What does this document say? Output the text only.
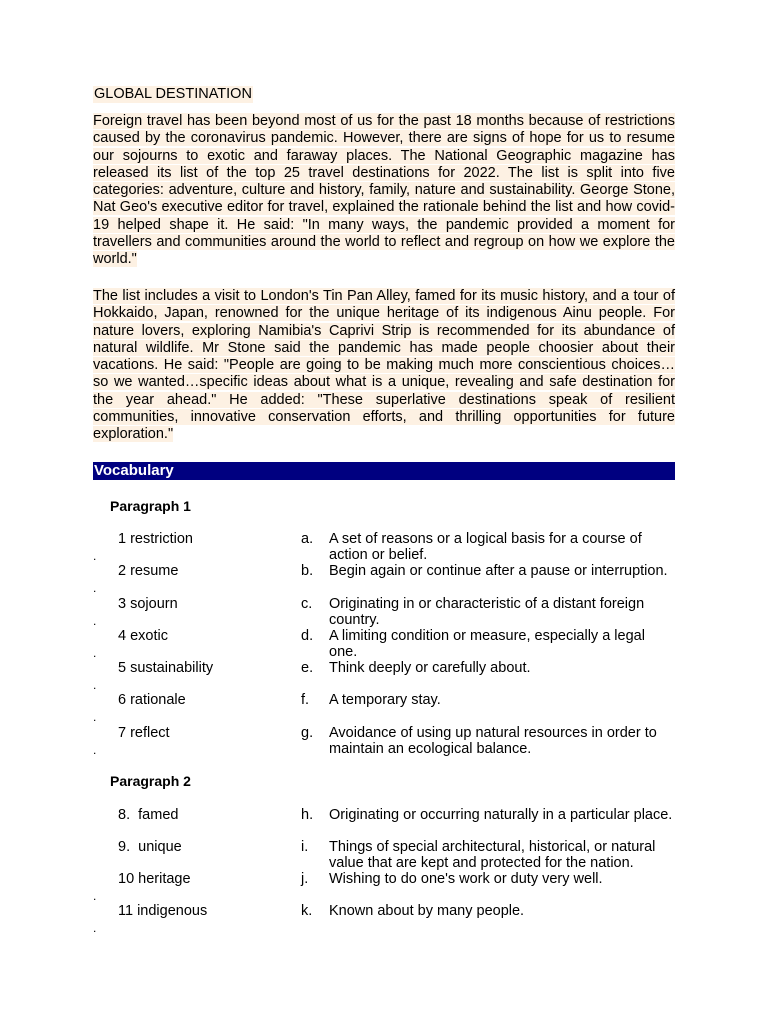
GLOBAL DESTINATION
Foreign travel has been beyond most of us for the past 18 months because of restrictions caused by the coronavirus pandemic. However, there are signs of hope for us to resume our sojourns to exotic and faraway places. The National Geographic magazine has released its list of the top 25 travel destinations for 2022. The list is split into five categories: adventure, culture and history, family, nature and sustainability. George Stone, Nat Geo's executive editor for travel, explained the rationale behind the list and how covid-19 helped shape it. He said: "In many ways, the pandemic provided a moment for travellers and communities around the world to reflect and regroup on how we explore the world."
The list includes a visit to London's Tin Pan Alley, famed for its music history, and a tour of Hokkaido, Japan, renowned for the unique heritage of its indigenous Ainu people. For nature lovers, exploring Namibia's Caprivi Strip is recommended for its abundance of natural wildlife. Mr Stone said the pandemic has made people choosier about their vacations. He said: "People are going to be making much more conscientious choices… so we wanted…specific ideas about what is a unique, revealing and safe destination for the year ahead." He added: "These superlative destinations speak of resilient communities, innovative conservation efforts, and thrilling opportunities for future exploration."
Vocabulary
Paragraph 1
1 restriction	a. A set of reasons or a logical basis for a course of action or belief.
.
2 resume	b. Begin again or continue after a pause or interruption.
.
3 sojourn	c. Originating in or characteristic of a distant foreign country.
.
4 exotic	d. A limiting condition or measure, especially a legal one.
.
5 sustainability	e. Think deeply or carefully about.
.
6 rationale	f. A temporary stay.
.
7 reflect	g. Avoidance of using up natural resources in order to maintain an ecological balance.
.
Paragraph 2
8.  famed	h. Originating or occurring naturally in a particular place.
9.  unique	i. Things of special architectural, historical, or natural value that are kept and protected for the nation.
10 heritage	j. Wishing to do one's work or duty very well.
.
11 indigenous	k. Known about by many people.
.
